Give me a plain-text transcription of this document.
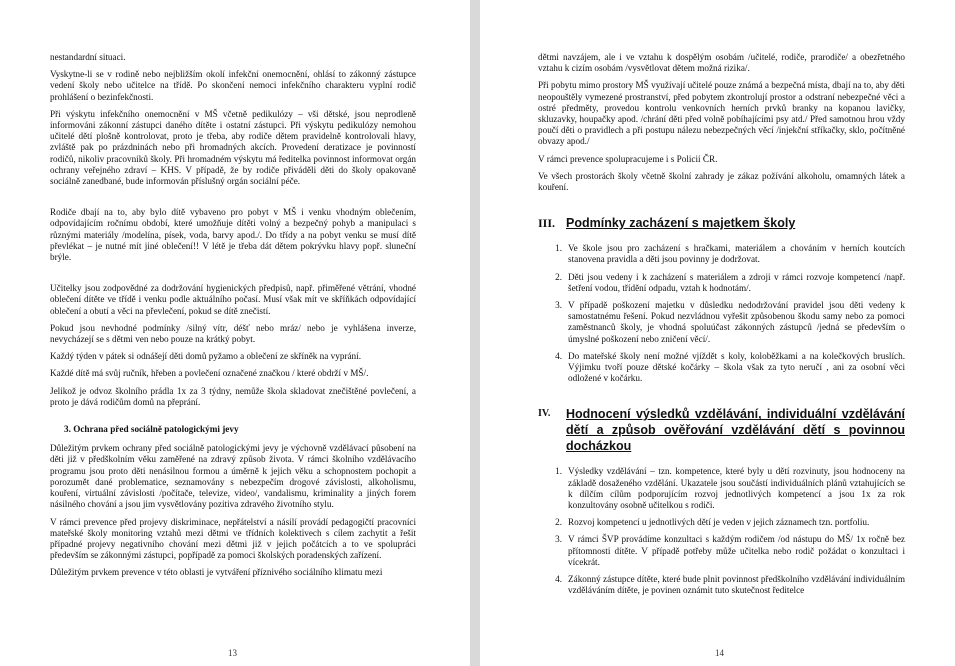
nestandardní situaci.

Vyskytne-li se v rodině nebo nejbližším okolí infekční onemocnění, ohlásí to zákonný zástupce vedení školy nebo učitelce na třídě. Po skončení nemoci infekčního charakteru vyplní rodič prohlášení o bezinfekčnosti.

Při výskytu infekčního onemocnění v MŠ včetně pedikulózy – vši dětské, jsou neprodleně informováni zákonní zástupci daného dítěte i ostatní zástupci. Při výskytu pedikulózy nemohou učitelé dětí plošně kontrolovat, proto je třeba, aby rodiče dětem pravidelně kontrolovali hlavy, zvláště pak po prázdninách nebo při hromadných akcích. Provedení deratizace je povinností rodičů, nikoliv pracovníků školy. Při hromadném výskytu má ředitelka povinnost informovat orgán ochrany veřejného zdraví – KHS. V případě, že by rodiče přiváděli děti do školy opakovaně sociálně zanedbané, bude informován příslušný orgán sociální péče.

Rodiče dbají na to, aby bylo dítě vybaveno pro pobyt v MŠ i venku vhodným oblečením, odpovídajícím ročnímu období, které umožňuje dítěti volný a bezpečný pohyb a manipulaci s různými materiály /modelína, písek, voda, barvy apod./. Do třídy a na pobyt venku se musí dítě převlékat – je nutné mít jiné oblečení!! V létě je třeba dát dětem pokrývku hlavy popř. sluneční brýle.

Učitelky jsou zodpovědné za dodržování hygienických předpisů, např. přiměřené větrání, vhodné oblečení dítěte ve třídě i venku podle aktuálního počasí. Musí však mít ve skříňkách odpovídající oblečení a obutí a věci na převlečení, pokud se dítě znečistí.

Pokud jsou nevhodné podmínky /silný vítr, déšť nebo mráz/ nebo je vyhlášena inverze, nevycházejí se s dětmi ven nebo pouze na krátký pobyt.

Každý týden v pátek si odnášejí děti domů pyžamo a oblečení ze skříněk na vyprání.

Každé dítě má svůj ručník, hřeben a povlečení označené značkou / které obdrží v MŠ/.

Jelikož je odvoz školního prádla 1x za 3 týdny, nemůže škola skladovat znečištěné povlečení, a proto je dává rodičům domů na přeprání.

3. Ochrana před sociálně patologickými jevy

Důležitým prvkem ochrany před sociálně patologickými jevy je výchovně vzdělávací působení na děti již v předškolním věku zaměřené na zdravý způsob života. V rámci školního vzdělávacího programu jsou proto děti nenásilnou formou a úměrně k jejich věku a schopnostem pochopit a porozumět dané problematice, seznamovány s nebezpečím drogové závislosti, alkoholismu, kouření, virtuální závislosti /počítače, televize, video/, vandalismu, kriminality a jiných forem násilného chování a jsou jim vysvětlovány pozitiva zdravého životního stylu.

V rámci prevence před projevy diskriminace, nepřátelství a násilí provádí pedagogičtí pracovníci mateřské školy monitoring vztahů mezi dětmi ve třídních kolektivech s cílem zachytit a řešit případné projevy negativního chování mezi dětmi již v jejich počátcích a to ve spolupráci především se zákonnými zástupci, popřípadě za pomoci školských poradenských zařízení.

Důležitým prvkem prevence v této oblasti je vytváření příznivého sociálního klimatu mezi

13

dětmi navzájem, ale i ve vztahu k dospělým osobám /učitelé, rodiče, prarodiče/ a obezřetného vztahu k cizím osobám /vysvětlovat dětem možná rizika/.

Při pobytu mimo prostory MŠ využívají učitelé pouze známá a bezpečná místa, dbají na to, aby děti neopouštěly vymezené prostranství, před pobytem zkontrolují prostor a odstraní nebezpečné věci a ostré předměty, provedou kontrolu venkovních herních prvků branky na kopanou lavičky, skluzavky, houpačky apod. /chrání děti před volně pobíhajícími psy atd./ Před samotnou hrou vždy poučí děti o pravidlech a při postupu nálezu nebezpečných věcí /injekční stříkačky, sklo, počítněné obvazy apod./

V rámci prevence spolupracujeme i s Policií ČR.

Ve všech prostorách školy včetně školní zahrady je zákaz požívání alkoholu, omamných látek a kouření.

III. Podmínky zacházení s majetkem školy
1. Ve škole jsou pro zacházení s hračkami, materiálem a chováním v herních koutcích stanovena pravidla a děti jsou povinny je dodržovat.
2. Děti jsou vedeny i k zacházení s materiálem a zdroji v rámci rozvoje kompetencí /např. šetření vodou, třídění odpadu, vztah k hodnotám/.
3. V případě poškození majetku v důsledku nedodržování pravidel jsou děti vedeny k samostatnému řešení. Pokud nezvládnou vyřešit způsobenou škodu samy nebo za pomoci zaměstnanců školy, je vhodná spoluúčast zákonných zástupců /jedná se především o úmyslné poškození nebo zničení věcí/.
4. Do mateřské školy není možné vjíždět s koly, koloběžkami a na kolečkových bruslích. Výjimku tvoří pouze dětské kočárky – škola však za tyto neručí , ani za osobní věci odložené v kočárku.
IV.	Hodnocení výsledků vzdělávání, individuální vzdělávání dětí a způsob ověřování vzdělávání dětí s povinnou docházkou
1. Výsledky vzdělávání – tzn. kompetence, které byly u dětí rozvinuty, jsou hodnoceny na základě dosaženého vzdělání. Ukazatele jsou součástí individuálních plánů vztahujících se k dílčím cílům podporujícím rozvoj jednotlivých kompetencí a jsou 1x za rok konzultovány osobně učitelkou s rodiči.
2. Rozvoj kompetencí u jednotlivých dětí je veden v jejich záznamech tzn. portfoliu.
3. V rámci ŠVP provádíme konzultaci s každým rodičem /od nástupu do MŠ/ 1x ročně bez přítomnosti dítěte. V případě potřeby může učitelka nebo rodič požádat o konzultaci i vícekrát.
4. Zákonný zástupce dítěte, které bude plnit povinnost předškolního vzdělávání individuálním vzděláváním dítěte, je povinen oznámit tuto skutečnost ředitelce
14
